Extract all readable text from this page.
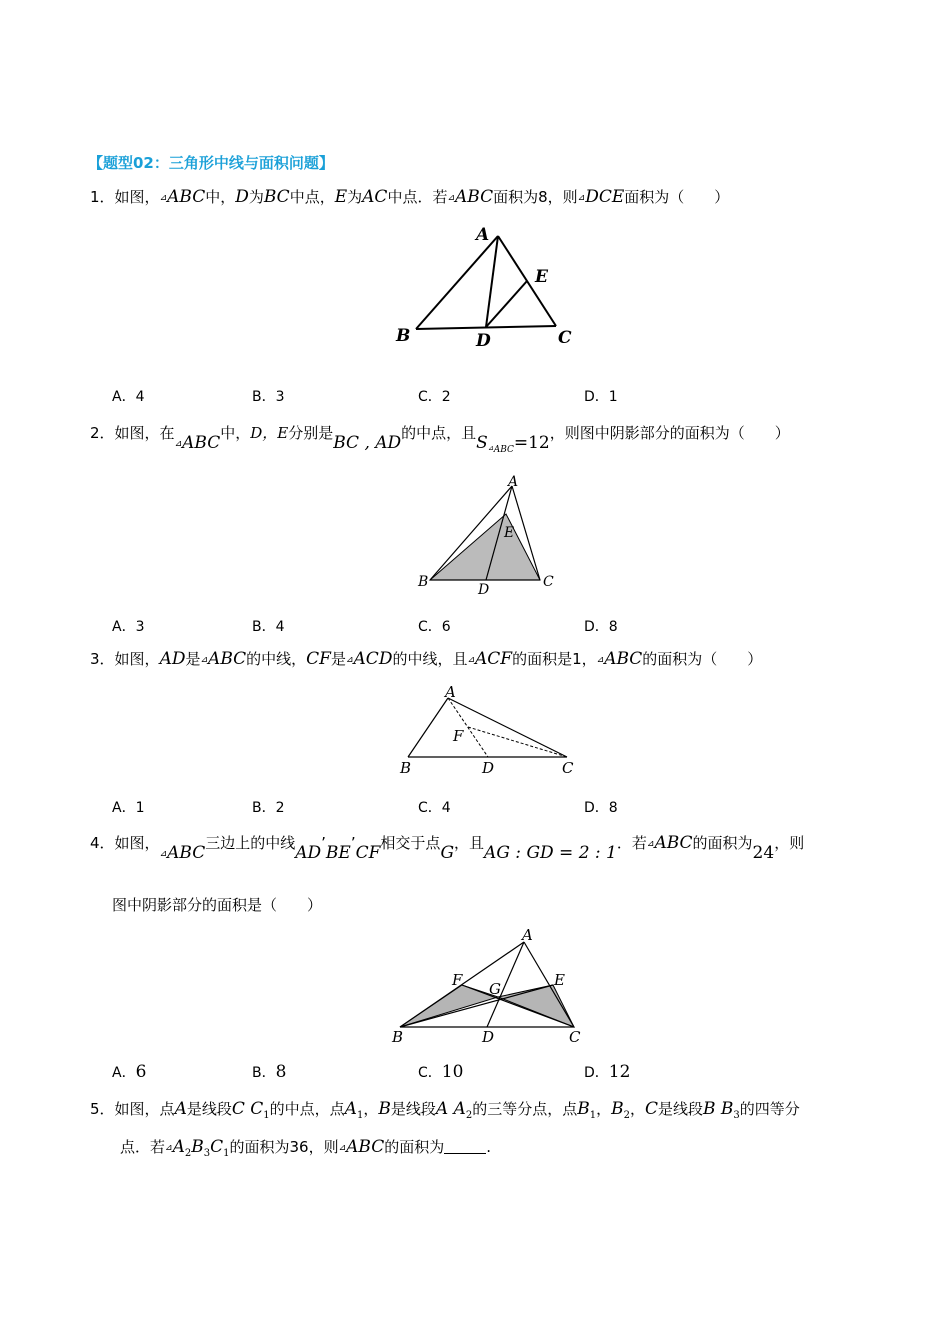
【题型02：三角形中线与面积问题】
1．如图，⊿ABC中，D为BC中点，E为AC中点．若⊿ABC面积为8，则⊿DCE面积为（　　）
A
B	C
D
E
A．4	B．3	C．2	D．1
2．如图，在⊿ABC中，D，E分别是BC , AD的中点，且$S_{^⊿ABC}=12$，则图中阴影部分的面积为（　　）
A
B	C
D
E
A．3	B．4	C．6	D．8
3．如图，AD是⊿ABC的中线，CF是⊿ACD的中线，且⊿ACF的面积是1，⊿ABC的面积为（　　）
A
B	C
D
F
A．1	B．2	C．4	D．8
4．如图，⊿ABC三边上的中线AD’BE’CF相交于点G，且AG : GD = 2 : 1．若⊿ABC的面积为24，则
图中阴影部分的面积是（　　）
A
B	C
D
E
F G
A．6	B．8	C．10	D．12
5．如图，点A是线段C $C_1$的中点，点$A_1$，B是线段A $A_2$的三等分点，点$B_1$，$B_2$，C是线段B $B_3$的四等分
点．若$⊿A_2B_3C_1$的面积为36，则⊿ABC的面积为	.
